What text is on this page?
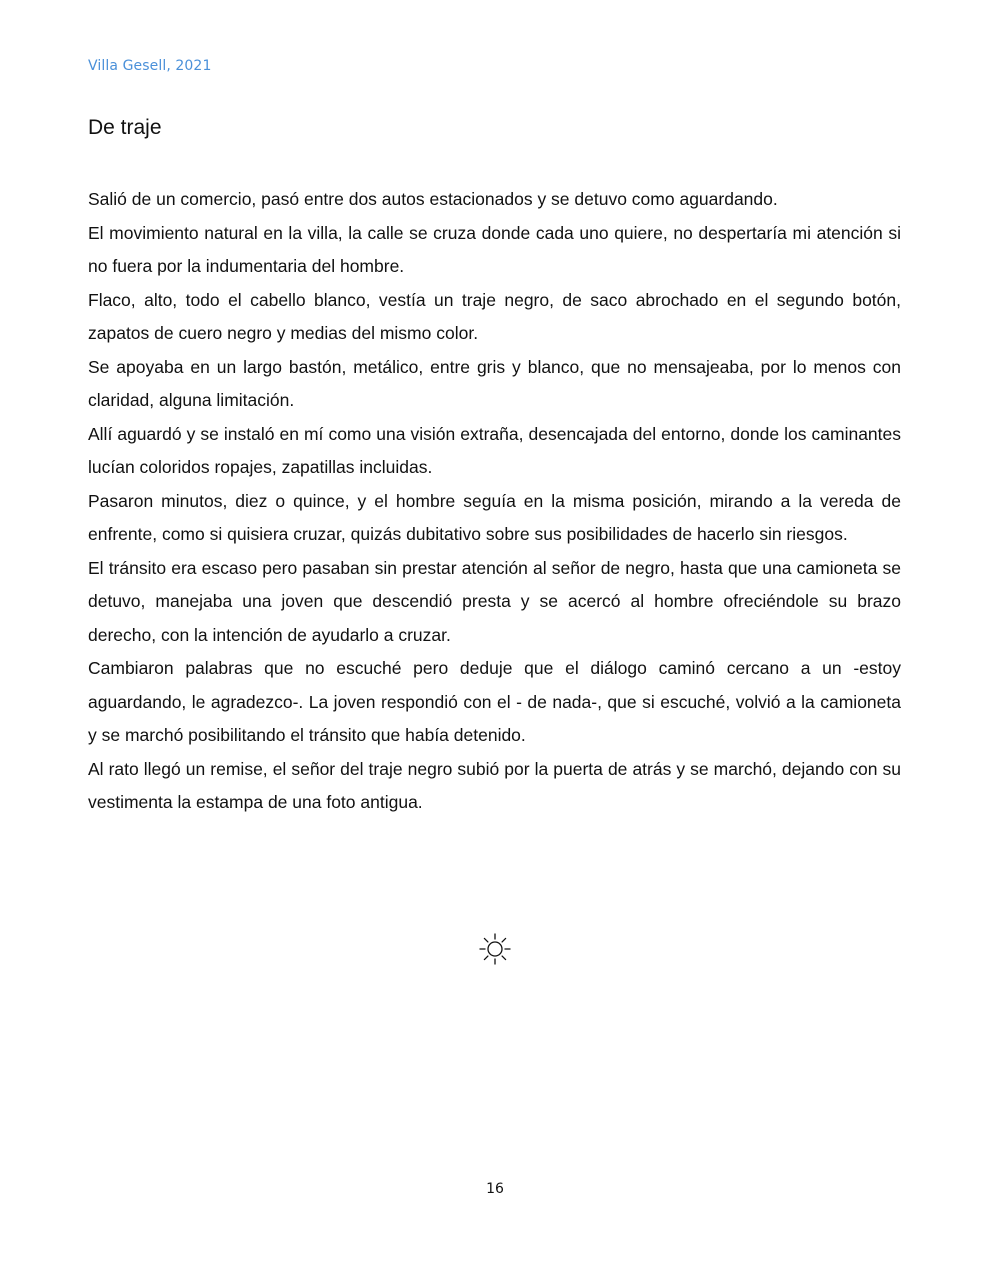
Villa Gesell, 2021
De traje

Salió de un comercio, pasó entre dos autos estacionados y se detuvo como aguardando.

El movimiento natural en la villa, la calle se cruza donde cada uno quiere, no despertaría mi atención si no fuera por la indumentaria del hombre.

Flaco, alto, todo el cabello blanco, vestía un traje negro, de saco abrochado en el segundo botón, zapatos de cuero negro y medias del mismo color.

Se apoyaba en un largo bastón, metálico, entre gris y blanco, que no mensajeaba, por lo menos con claridad, alguna limitación.

Allí aguardó y se instaló en mí como una visión extraña, desencajada del entorno, donde los caminantes lucían coloridos ropajes, zapatillas incluidas.

Pasaron minutos, diez o quince, y el hombre seguía en la misma posición, mirando a la vereda de enfrente, como si quisiera cruzar, quizás dubitativo sobre sus posibilidades de hacerlo sin riesgos.

El tránsito era escaso pero pasaban sin prestar atención al señor de negro, hasta que una camioneta se detuvo, manejaba una joven que descendió presta y se acercó al hombre ofreciéndole su brazo derecho, con la intención de ayudarlo a cruzar.

Cambiaron palabras que no escuché pero deduje que el diálogo caminó cercano a un -estoy aguardando, le agradezco-. La joven respondió con el - de nada-, que si escuché, volvió a la camioneta y se marchó posibilitando el tránsito que había detenido.

Al rato llegó un remise, el señor del traje negro subió por la puerta de atrás y se marchó, dejando con su vestimenta la estampa de una foto antigua.

16
